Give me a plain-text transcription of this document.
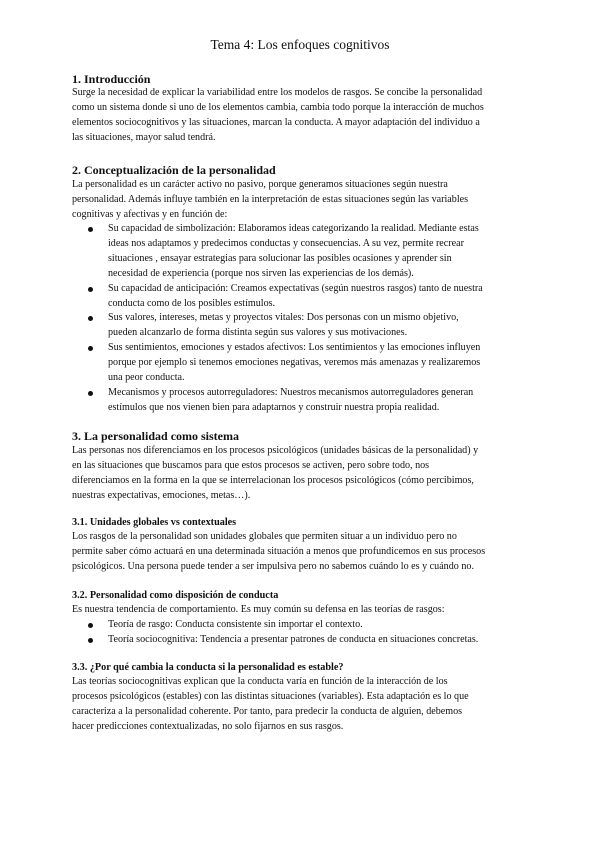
Tema 4: Los enfoques cognitivos
1. Introducción
Surge la necesidad de explicar la variabilidad entre los modelos de rasgos. Se concibe la personalidad
como un sistema donde si uno de los elementos cambia, cambia todo porque la interacción de muchos
elementos sociocognitivos y las situaciones, marcan la conducta. A mayor adaptación del individuo a
las situaciones, mayor salud tendrá.
2. Conceptualización de la personalidad
La personalidad es un carácter activo no pasivo, porque generamos situaciones según nuestra
personalidad. Además influye también en la interpretación de estas situaciones según las variables
cognitivas y afectivas y en función de:
Su capacidad de simbolización: Elaboramos ideas categorizando la realidad. Mediante estas
ideas nos adaptamos y predecimos conductas y consecuencias. A su vez, permite recrear
situaciones , ensayar estrategias para solucionar las posibles ocasiones y aprender sin
necesidad de experiencia (porque nos sirven las experiencias de los demás).
Su capacidad de anticipación: Creamos expectativas (según nuestros rasgos) tanto de nuestra
conducta como de los posibles estímulos.
Sus valores, intereses, metas y proyectos vitales: Dos personas con un mismo objetivo,
pueden alcanzarlo de forma distinta según sus valores y sus motivaciones.
Sus sentimientos, emociones y estados afectivos: Los sentimientos y las emociones influyen
porque por ejemplo si tenemos emociones negativas, veremos más amenazas y realizaremos
una peor conducta.
Mecanismos y procesos autorreguladores: Nuestros mecanismos autorreguladores generan
estímulos que nos vienen bien para adaptarnos y construir nuestra propia realidad.
3. La personalidad como sistema
Las personas nos diferenciamos en los procesos psicológicos (unidades básicas de la personalidad) y
en las situaciones que buscamos para que estos procesos se activen, pero sobre todo, nos
diferenciamos en la forma en la que se interrelacionan los procesos psicológicos (cómo percibimos,
nuestras expectativas, emociones, metas…).
3.1. Unidades globales vs contextuales
Los rasgos de la personalidad son unidades globales que permiten situar a un individuo pero no
permite saber cómo actuará en una determinada situación a menos que profundicemos en sus procesos
psicológicos. Una persona puede tender a ser impulsiva pero no sabemos cuándo lo es y cuándo no.
3.2. Personalidad como disposición de conducta
Es nuestra tendencia de comportamiento. Es muy común su defensa en las teorías de rasgos:
Teoría de rasgo: Conducta consistente sin importar el contexto.
Teoría sociocognitiva: Tendencia a presentar patrones de conducta en situaciones concretas.
3.3. ¿Por qué cambia la conducta si la personalidad es estable?
Las teorías sociocognitivas explican que la conducta varía en función de la interacción de los
procesos psicológicos (estables) con las distintas situaciones (variables). Esta adaptación es lo que
caracteriza a la personalidad coherente. Por tanto, para predecir la conducta de alguien, debemos
hacer predicciones contextualizadas, no solo fijarnos en sus rasgos.
